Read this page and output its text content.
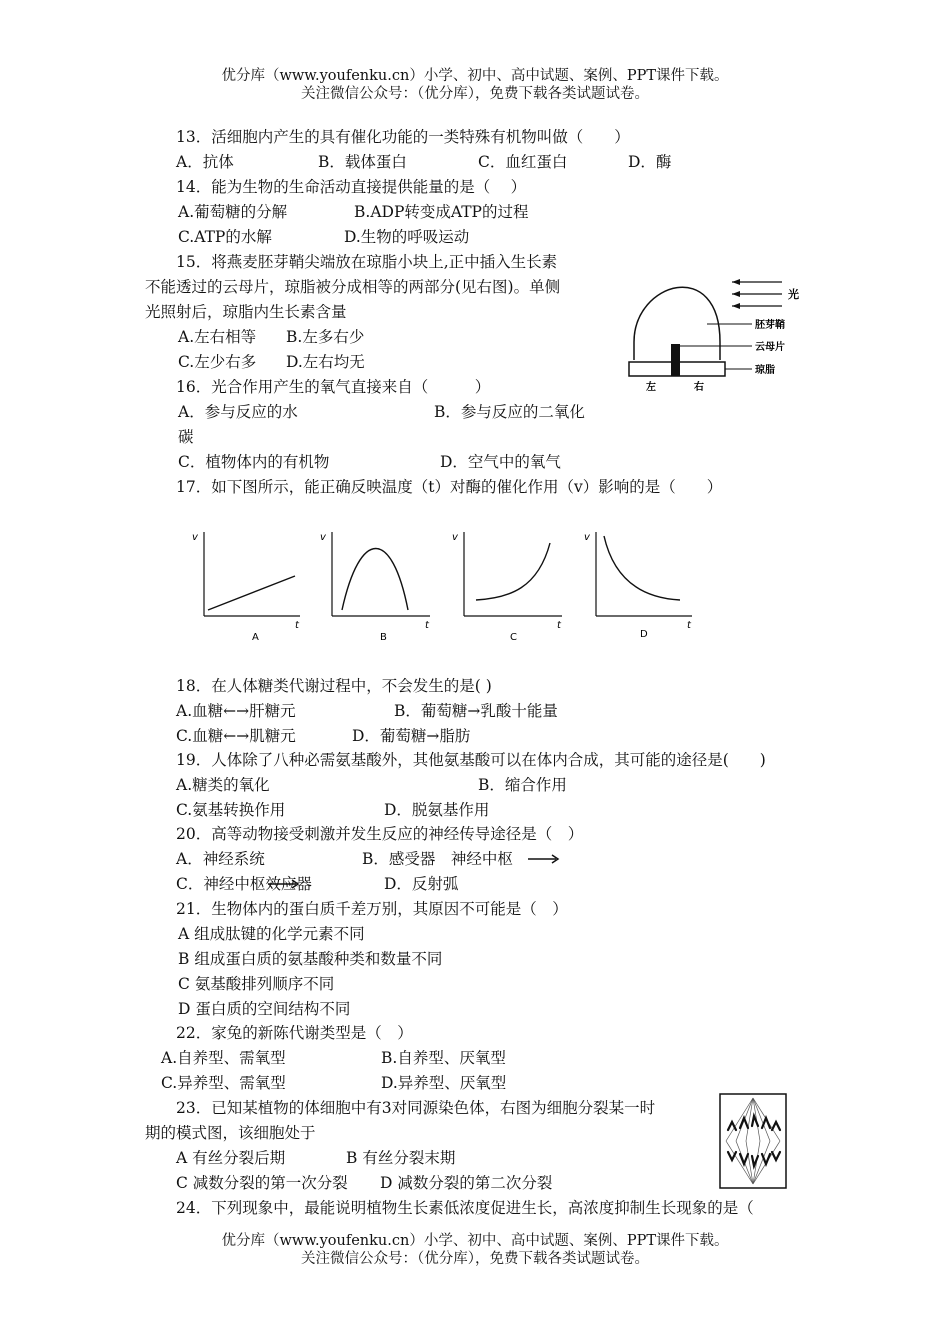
优分库（www.youfenku.cn）小学、初中、高中试题、案例、PPT课件下载。
关注微信公众号：（优分库），免费下载各类试题试卷。
13．活细胞内产生的具有催化功能的一类特殊有机物叫做（　　）
A．抗体	B．载体蛋白	C．血红蛋白	D．酶
14．能为生物的生命活动直接提供能量的是（　 ）
A.葡萄糖的分解	B.ADP转变成ATP的过程
C.ATP的水解	D.生物的呼吸运动
15．将燕麦胚芽鞘尖端放在琼脂小块上,正中插入生长素
不能透过的云母片，琼脂被分成相等的两部分(见右图)。单侧
光照射后，琼脂内生长素含量
A.左右相等 B.左多右少
C.左少右多 D.左右均无
光
胚芽鞘
云母片
琼脂
左	右
16．光合作用产生的氧气直接来自（　　　）
A．参与反应的水	B．参与反应的二氧化
碳
C．植物体内的有机物	D．空气中的氧气
17．如下图所示，能正确反映温度（t）对酶的催化作用（v）影响的是（　　）
v
t
A
v
t
B
v
t
C
v
t
D
18．在人体糖类代谢过程中，不会发生的是( )
A.血糖←→肝糖元	B．葡萄糖→乳酸十能量
C.血糖←→肌糖元	D．葡萄糖→脂肪
19．人体除了八种必需氨基酸外，其他氨基酸可以在体内合成，其可能的途径是(　　)
A.糖类的氧化	B．缩合作用
C.氨基转换作用	D．脱氨基作用
20．高等动物接受刺激并发生反应的神经传导途径是（　）
A．神经系统	B．感受器　神经中枢
C．神经中枢效应器	D．反射弧
21．生物体内的蛋白质千差万别，其原因不可能是（　）
A 组成肽键的化学元素不同
B 组成蛋白质的氨基酸种类和数量不同
C 氨基酸排列顺序不同
D 蛋白质的空间结构不同
22．家兔的新陈代谢类型是（　）
A.自养型、需氧型	B.自养型、厌氧型
C.异养型、需氧型	D.异养型、厌氧型
23．已知某植物的体细胞中有3对同源染色体，右图为细胞分裂某一时
期的模式图，该细胞处于
A 有丝分裂后期	B 有丝分裂末期
C 减数分裂的第一次分裂 D 减数分裂的第二次分裂
24．下列现象中，最能说明植物生长素低浓度促进生长，高浓度抑制生长现象的是（
优分库（www.youfenku.cn）小学、初中、高中试题、案例、PPT课件下载。
关注微信公众号：（优分库），免费下载各类试题试卷。
